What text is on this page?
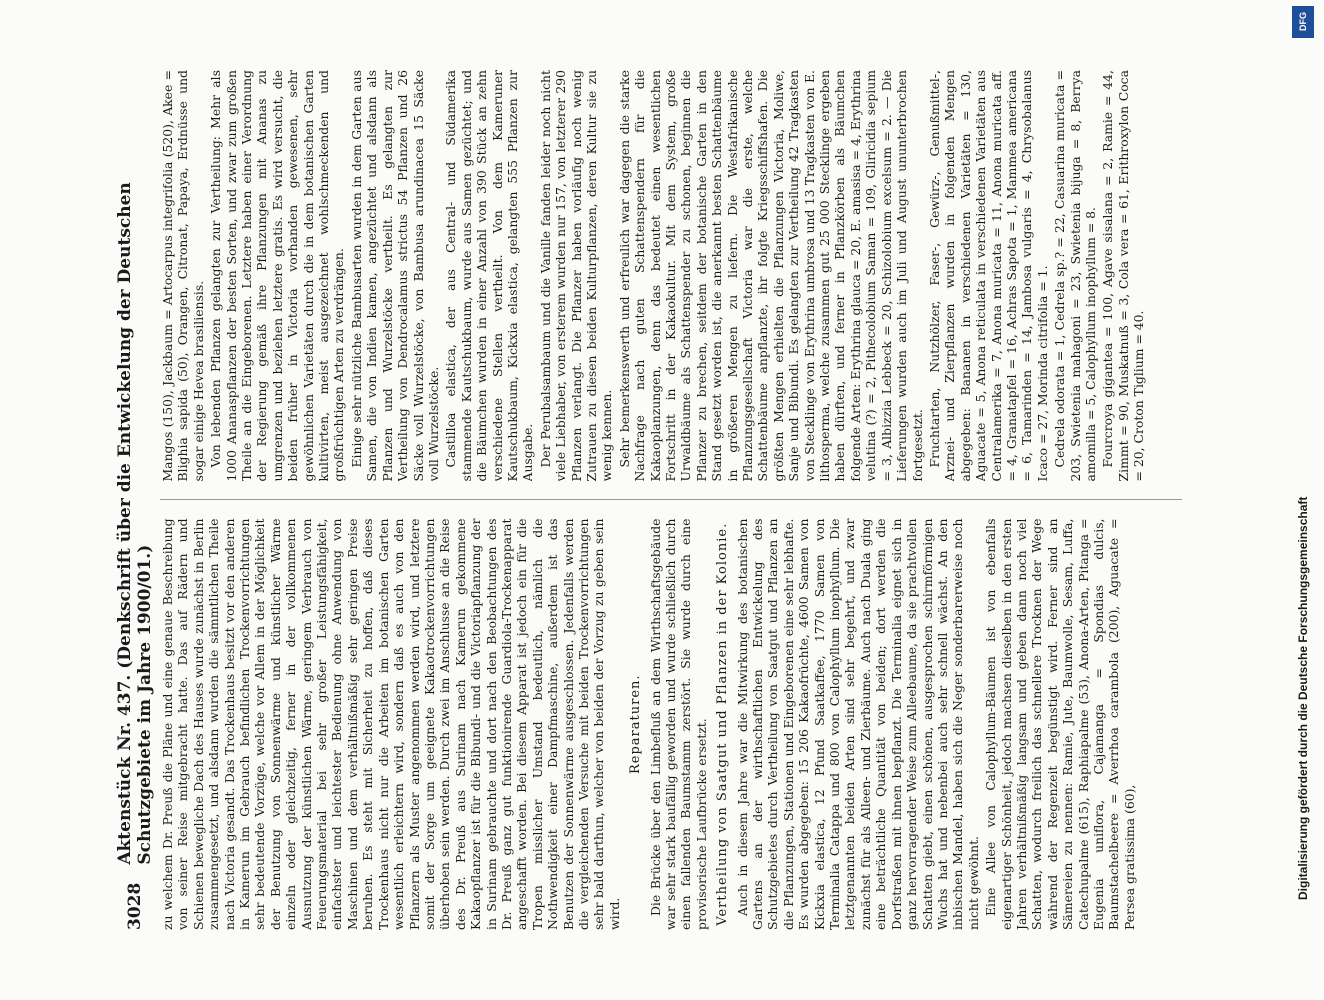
3028
Aktenstück Nr. 437. (Denkschrift über die Entwickelung der Deutschen Schutzgebiete im Jahre 1900/01.) zu welchem Dr. Preuß die Pläne und eine genaue Beschreibung von seiner Reise mitgebracht hatte. Das auf Rädern und Schienen bewegliche Dach des Hauses wurde zunächst in Berlin zusammengesetzt, und alsdann wurden die sämmtlichen Theile nach Victoria gesandt. Das Trockenhaus besitzt vor den anderen in Kamerun im Gebrauch befindlichen Trockenvorrichtungen sehr bedeutende Vorzüge, welche vor Allem in der Möglichkeit der Benutzung von Sonnenwärme und künstlicher Wärme einzeln oder gleichzeitig, ferner in der vollkommenen Ausnutzung der künstlichen Wärme, geringem Verbrauch von Feuerungsmaterial bei sehr großer Leistungsfähigkeit, einfachster und leichtester Bedienung ohne Anwendung von Maschinen und dem verhältnißmäßig sehr geringen Preise beruhen. Es steht mit Sicherheit zu hoffen, daß dieses Trockenhaus nicht nur die Arbeiten im botanischen Garten wesentlich erleichtern wird, sondern daß es auch von den Pflanzern als Muster angenommen werden wird, und letztere somit der Sorge um geeignete Kakaotrockenvorrichtungen überhoben sein werden. Durch zwei im Anschlusse an die Reise des Dr. Preuß aus Surinam nach Kamerun gekommene Kakaopflanzer ist für die Bibundi- und die Victoriapflanzung der in Surinam gebrauchte und dort nach den Beobachtungen des Dr. Preuß ganz gut funktionirende Guardiola-Trockenapparat angeschafft worden. Bei diesem Apparat ist jedoch ein für die Tropen misslicher Umstand bedeutlich, nämlich die Nothwendigkeit einer Dampfmaschine, außerdem ist das Benutzen der Sonnenwärme ausgeschlossen. Jedenfalls werden die vergleichenden Versuche mit beiden Trockenvorrichtungen sehr bald darthun, welcher von beiden der Vorzug zu geben sein wird.

Reparaturen. Die Brücke über den Limbefluß an dem Wirthschaftsgebäude war sehr stark baufällig geworden und wurde schließlich durch einen fallenden Baumstamm zerstört. Sie wurde durch eine provisorische Laufbrücke ersetzt. Vertheilung von Saatgut und Pflanzen in der Kolonie. Auch in diesem Jahre war die Mitwirkung des botanischen Gartens an der wirthschaftlichen Entwickelung des Schutzgebietes durch Vertheilung von Saatgut und Pflanzen an die Pflanzungen, Stationen und Eingeborenen eine sehr lebhafte. Es wurden abgegeben: 15 206 Kakaofrüchte, 4600 Samen von Kickxia elastica, 12 Pfund Saatkaffee, 1770 Samen von Terminalia Catappa und 800 von Calophyllum inophyllum. Die letztgenannten beiden Arten sind sehr begehrt, und zwar zunächst für als Alleen- und Zierbäume. Auch nach Duala ging eine beträchtliche Quantität von beiden; dort werden die Dorfstraßen mit ihnen bepflanzt. Die Terminalia eignet sich in ganz hervorragender Weise zum Alleebaume, da sie prachtvollen Schatten giebt, einen schönen, ausgesprochen schirmförmigen Wuchs hat und nebenbei auch sehr schnell wächst. An den inbischen Mandel, haben sich die Neger sonderbarerweise noch nicht gewöhnt. Eine Allee von Calophyllum-Bäumen ist von ebenfalls eigenartiger Schönheit, jedoch machsen dieselben in den ersten Jahren verhältnißmäßig langsam und geben dann noch viel Schatten, wodurch freilich das schnellere Trocknen der Wege während der Regenzeit begünstigt wird. Ferner sind an Sämereien zu nennen: Ramie, Jute, Baumwolle, Sesam, Luffa, Catechupalme (615), Raphiapalme (53), Anona-Arten, Pitanga = Eugenia uniflora, Cajamanga = Spondias dulcis, Baumstachelbeere = Averrhoa carambola (200), Aguacate = Persea gratissima (60),

Mangos (150), Jackbaum = Artocarpus integrifolia (520), Akee = Blighia sapida (50), Orangen, Citronat, Papaya, Erdnüsse und sogar einige Hevea brasiliensis. Von lebenden Pflanzen gelangten zur Vertheilung: Mehr als 1000 Ananaspflanzen der besten Sorten, und zwar zum großen Theile an die Eingeborenen. Letztere haben einer Verordnung der Regierung gemäß ihre Pflanzungen mit Ananas zu umgrenzen und beziehen letztere gratis. Es wird versucht, die beiden früher in Victoria vorhanden gewesenen, sehr gewöhnlichen Varietäten durch die in dem botanischen Garten kultivirten, meist ausgezeichnet wohlschmeckenden und großfrüchtigen Arten zu verdrängen. Einige sehr nützliche Bambusarten wurden in dem Garten aus Samen, die von Indien kamen, angezüchtet und alsdann als Pflanzen und Wurzelstöcke vertheilt. Es gelangten zur Vertheilung von Dendrocalamus strictus 54 Pflanzen und 26 Säcke voll Wurzelstöcke, von Bambusa arundinacea 15 Säcke voll Wurzelstöcke. Castilloa elastica, der aus Central- und Südamerika stammende Kautschukbaum, wurde aus Samen gezüchtet; und die Bäumchen wurden in einer Anzahl von 390 Stück an zehn verschiedene Stellen vertheilt. Von dem Kameruner Kautschukbaum, Kickxia elastica, gelangten 555 Pflanzen zur Ausgabe. Der Perubalsambaum und die Vanille fanden leider noch nicht viele Liebhaber, von ersterem wurden nur 157, von letzterer 290 Pflanzen verlangt. Die Pflanzer haben vorläufig noch wenig Zutrauen zu diesen beiden Kulturpflanzen, deren Kultur sie zu wenig kennen. Sehr bemerkenswerth und erfreulich war dagegen die starke Nachfrage nach guten Schattenspendern für die Kakaoplanzungen, denn das bedeutet einen wesentlichen Fortschritt in der Kakaokultur. Mit dem System, große Urwaldbäume als Schattenspender zu schonen, beginnen die Pflanzer zu brechen, seitdem der botanische Garten in den Stand gesetzt worden ist, die anerkannt besten Schattenbäume in größeren Mengen zu liefern. Die Westafrikanische Pflanzungsgesellschaft Victoria war die erste, welche Schattenbäume anpflanzte, ihr folgte Kriegsschiffshafen. Die größten Mengen erhielten die Pflanzungen Victoria, Moliwe, Sanje und Bibundi. Es gelangten zur Vertheilung 42 Tragkasten von Stecklinge von Erythrina umbrosa und 13 Tragkasten von E. lithosperma, welche zusammen gut 25 000 Stecklinge ergeben haben dürften, und ferner in Pflanzkörben als Bäumchen folgende Arten: Erythrina glauca = 20, E. amasisa = 4, Erythrina velutina (?) = 2, Pithecolobium Saman = 109, Gliricidia sepium = 3, Albizzia Lebbeck = 20, Schizolobium excelsum = 2. — Die Lieferungen wurden auch im Juli und August ununterbrochen fortgesetzt. Fruchtarten, Nutzhölzer, Faser-, Gewürz-, Genußmittel-, Arznei- und Zierpflanzen wurden in folgenden Mengen abgegeben: Bananen in verschiedenen Varietäten = 130, Aguacate = 5, Anona reticulata in verschiedenen Varietäten aus Centralamerika = 7, Anona muricata = 11, Anona muricata aff. = 4, Granatapfel = 16, Achras Sapota = 1, Mammea americana = 6, Tamarinden = 14, Jambosa vulgaris = 4, Chrysobalanus Icaco = 27, Morinda citrifolia = 1. Cedrela odorata = 1, Cedrela sp.? = 22, Casuarina muricata = 203, Swietenia mahagoni = 23, Swietenia bijuga = 8, Berrya amomilla = 5, Calophyllum inophyllum = 8. Fourcroya gigantea = 100, Agave sisalana = 2, Ramie = 44, Zimmt = 90, Muskatnuß = 3, Cola vera = 61, Erithroxylon Coca = 20, Croton Tiglium = 40.

DFG
Digitalisierung gefördert durch die Deutsche Forschungsgemeinschaft
